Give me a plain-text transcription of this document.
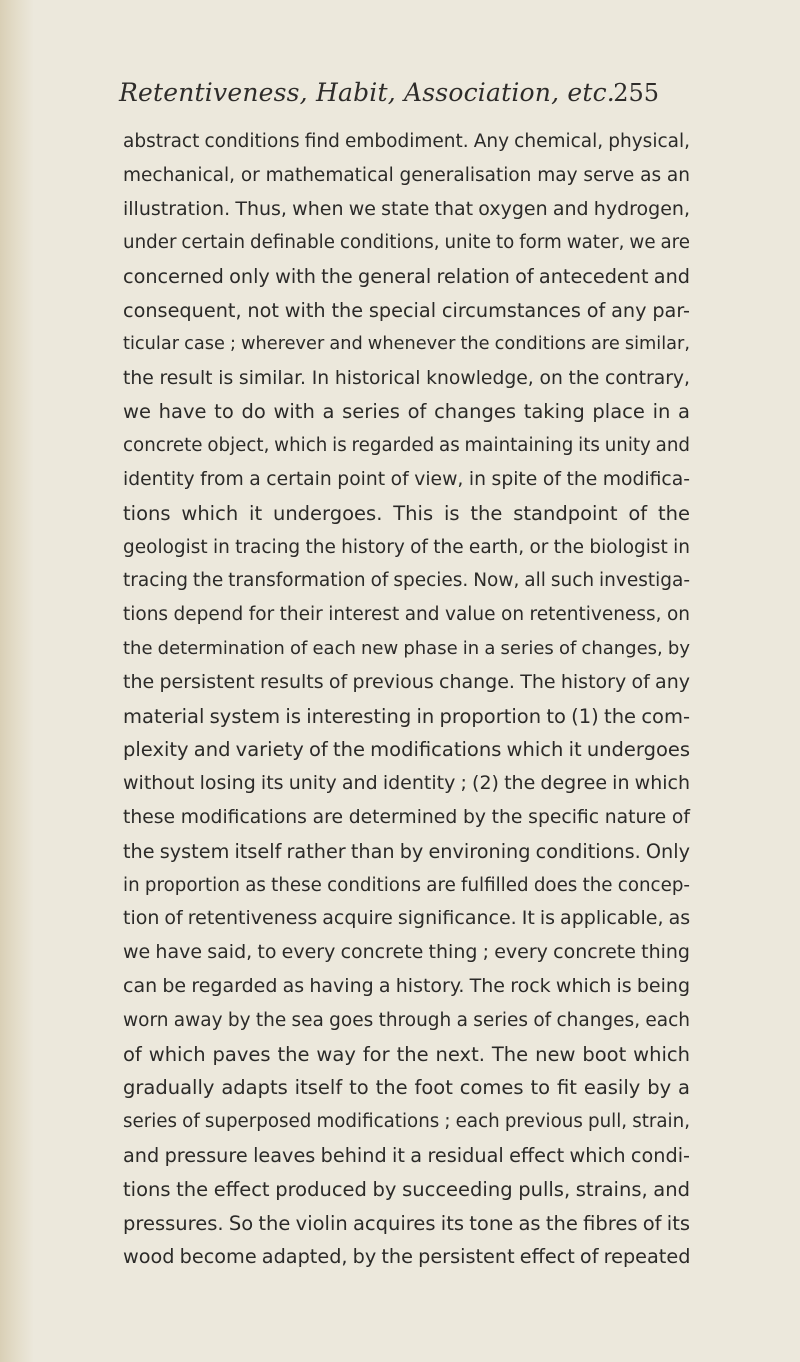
Retentiveness, Habit, Association, etc.
255
abstract conditions find embodiment. Any chemical, physical,
mechanical, or mathematical generalisation may serve as an
illustration. Thus, when we state that oxygen and hydrogen,
under certain definable conditions, unite to form water, we are
concerned only with the general relation of antecedent and
consequent, not with the special circumstances of any par-
ticular case ; wherever and whenever the conditions are similar,
the result is similar. In historical knowledge, on the contrary,
we have to do with a series of changes taking place in a
concrete object, which is regarded as maintaining its unity and
identity from a certain point of view, in spite of the modifica-
tions which it undergoes. This is the standpoint of the
geologist in tracing the history of the earth, or the biologist in
tracing the transformation of species. Now, all such investiga-
tions depend for their interest and value on retentiveness, on
the determination of each new phase in a series of changes, by
the persistent results of previous change. The history of any
material system is interesting in proportion to (1) the com-
plexity and variety of the modifications which it undergoes
without losing its unity and identity ; (2) the degree in which
these modifications are determined by the specific nature of
the system itself rather than by environing conditions. Only
in proportion as these conditions are fulfilled does the concep-
tion of retentiveness acquire significance. It is applicable, as
we have said, to every concrete thing ; every concrete thing
can be regarded as having a history. The rock which is being
worn away by the sea goes through a series of changes, each
of which paves the way for the next. The new boot which
gradually adapts itself to the foot comes to fit easily by a
series of superposed modifications ; each previous pull, strain,
and pressure leaves behind it a residual effect which condi-
tions the effect produced by succeeding pulls, strains, and
pressures. So the violin acquires its tone as the fibres of its
wood become adapted, by the persistent effect of repeated
